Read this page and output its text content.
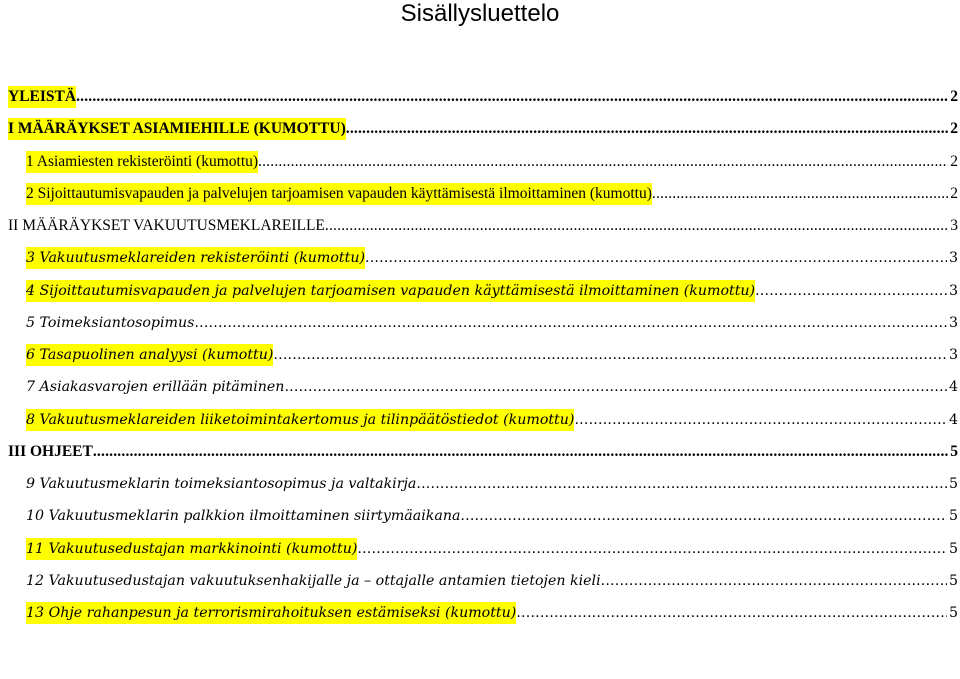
Sisällysluettelo
YLEISTÄ .....	2
I MÄÄRÄYKSET ASIAMIEHILLE (KUMOTTU) .....	2
1 Asiamiesten rekisteröinti (kumottu) .....	2
2 Sijoittautumisvapauden ja palvelujen tarjoamisen vapauden käyttämisestä ilmoittaminen (kumottu) .....	2
II MÄÄRÄYKSET VAKUUTUSMEKLAREILLE .....	3
3 Vakuutusmeklareiden rekisteröinti (kumottu) .....	3
4 Sijoittautumisvapauden ja palvelujen tarjoamisen vapauden käyttämisestä ilmoittaminen (kumottu) .....	3
5 Toimeksiantosopimus .....	3
6 Tasapuolinen analyysi (kumottu) .....	3
7 Asiakasvarojen erillään pitäminen .....	4
8 Vakuutusmeklareiden liiketoimintakertomus ja tilinpäätöstiedot (kumottu) .....	4
III OHJEET .....	5
9 Vakuutusmeklarin toimeksiantosopimus ja valtakirja .....	5
10 Vakuutusmeklarin palkkion ilmoittaminen siirtymäaikana .....	5
11 Vakuutusedustajan markkinointi (kumottu) .....	5
12 Vakuutusedustajan vakuutuksenhakijalle ja – ottajalle antamien tietojen kieli .....	5
13 Ohje rahanpesun ja terrorismirahoituksen estämiseksi (kumottu) .....	5
